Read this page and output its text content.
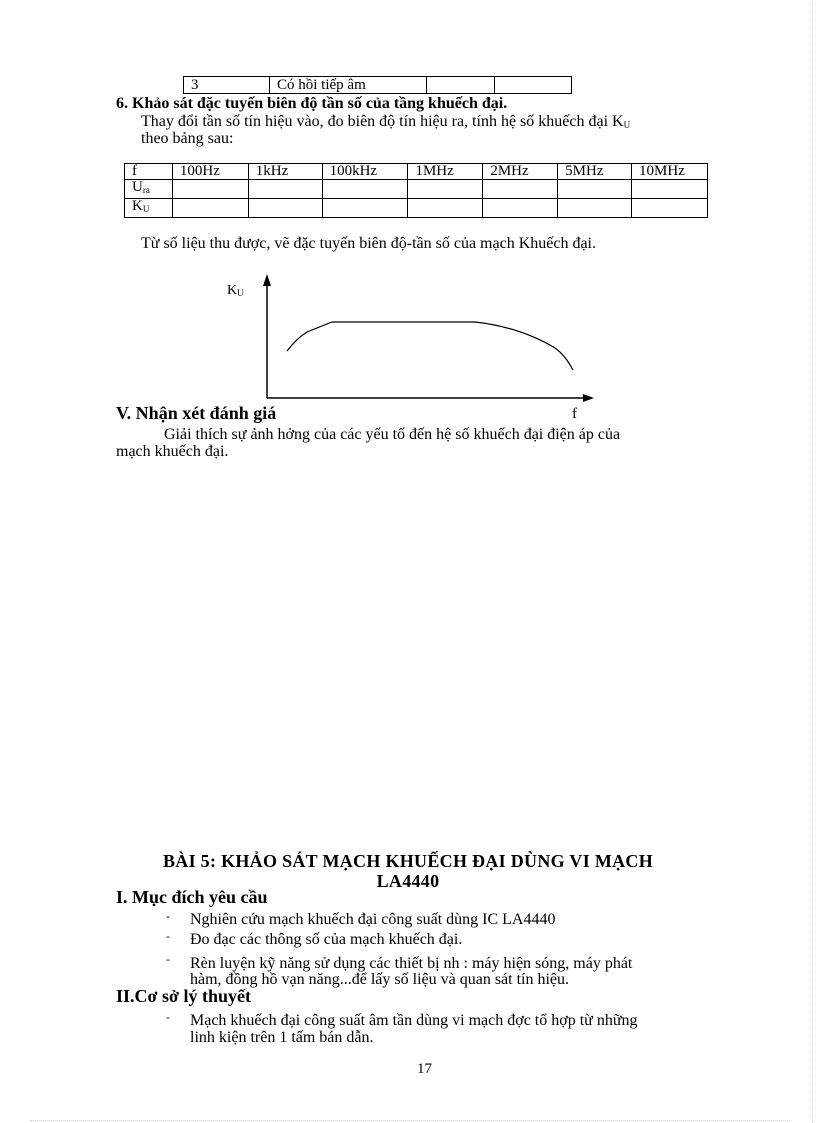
3	Có hồi tiếp âm		
6. Khảo sát đặc tuyến biên độ tần số của tầng khuếch đại.
Thay đổi tần số tín hiệu vào, đo biên độ tín hiệu ra, tính hệ số khuếch đại $K_U$
theo bảng sau:
f	100Hz	1kHz	100kHz	1MHz	2MHz	5MHz	10MHz
$U_{ra}$							
$K_U$							
Từ số liệu thu được, vẽ đặc tuyến biên độ-tần số của mạch Khuếch đại.
$K_U$
f
V. Nhận xét đánh giá
Giải thích sự ảnh hởng của các yếu tố đến hệ số khuếch đại điện áp của
mạch khuếch đại.
BÀI 5: KHẢO SÁT MẠCH KHUẾCH ĐẠI DÙNG VI MẠCH
LA4440
I. Mục đích yêu cầu
- Nghiên cứu mạch khuếch đại công suất dùng IC LA4440
- Đo đạc các thông số của mạch khuếch đại.
- Rèn luyện kỹ năng sử dụng các thiết bị nh : máy hiện sóng, máy phát
hàm, đồng hồ vạn năng...để lấy số liệu và quan sát tín hiệu.
II.Cơ sở lý thuyết
- Mạch khuếch đại công suất âm tần dùng vi mạch đợc tổ hợp từ những
linh kiện trên 1 tấm bán dẫn.
17
